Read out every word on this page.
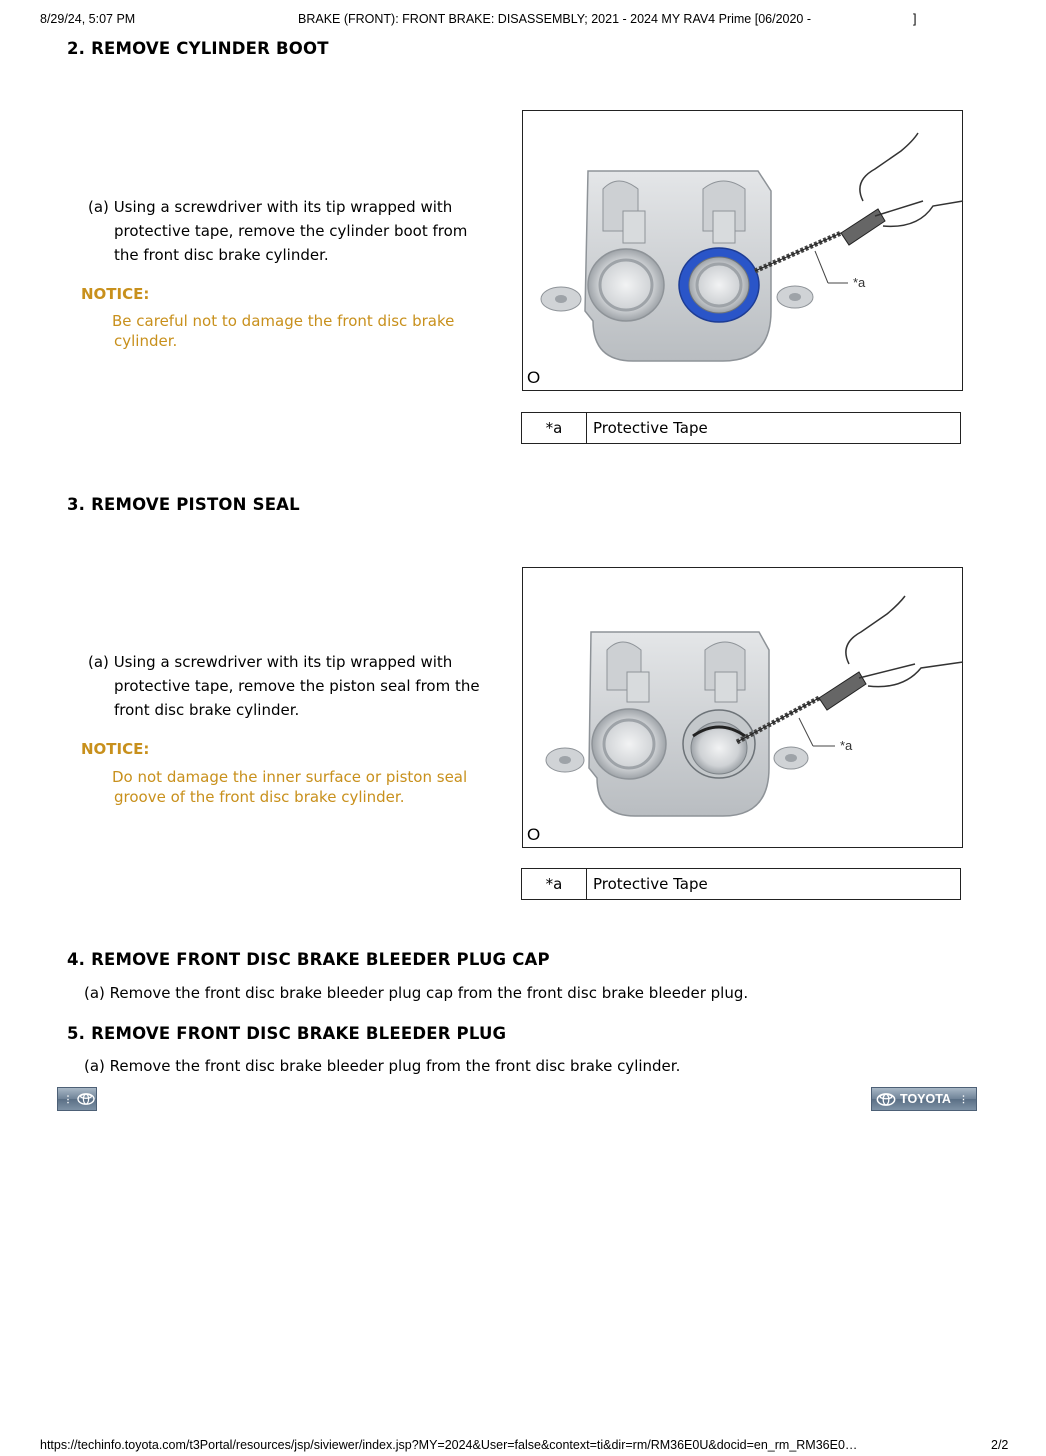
8/29/24, 5:07 PM	BRAKE (FRONT): FRONT BRAKE: DISASSEMBLY; 2021 - 2024 MY RAV4 Prime [06/2020 -	]
2. REMOVE CYLINDER BOOT
(a) Using a screwdriver with its tip wrapped with
protective tape, remove the cylinder boot from
the front disc brake cylinder.
NOTICE:
Be careful not to damage the front disc brake
cylinder.
*a
O
*a	Protective Tape
3. REMOVE PISTON SEAL
(a) Using a screwdriver with its tip wrapped with
protective tape, remove the piston seal from the
front disc brake cylinder.
NOTICE:
Do not damage the inner surface or piston seal
groove of the front disc brake cylinder.
*a
O
*a	Protective Tape
4. REMOVE FRONT DISC BRAKE BLEEDER PLUG CAP
(a) Remove the front disc brake bleeder plug cap from the front disc brake bleeder plug.
5. REMOVE FRONT DISC BRAKE BLEEDER PLUG
(a) Remove the front disc brake bleeder plug from the front disc brake cylinder.
⋮	TOYOTA ⋮
https://techinfo.toyota.com/t3Portal/resources/jsp/siviewer/index.jsp?MY=2024&User=false&context=ti&dir=rm/RM36E0U&docid=en_rm_RM36E0…	2/2
